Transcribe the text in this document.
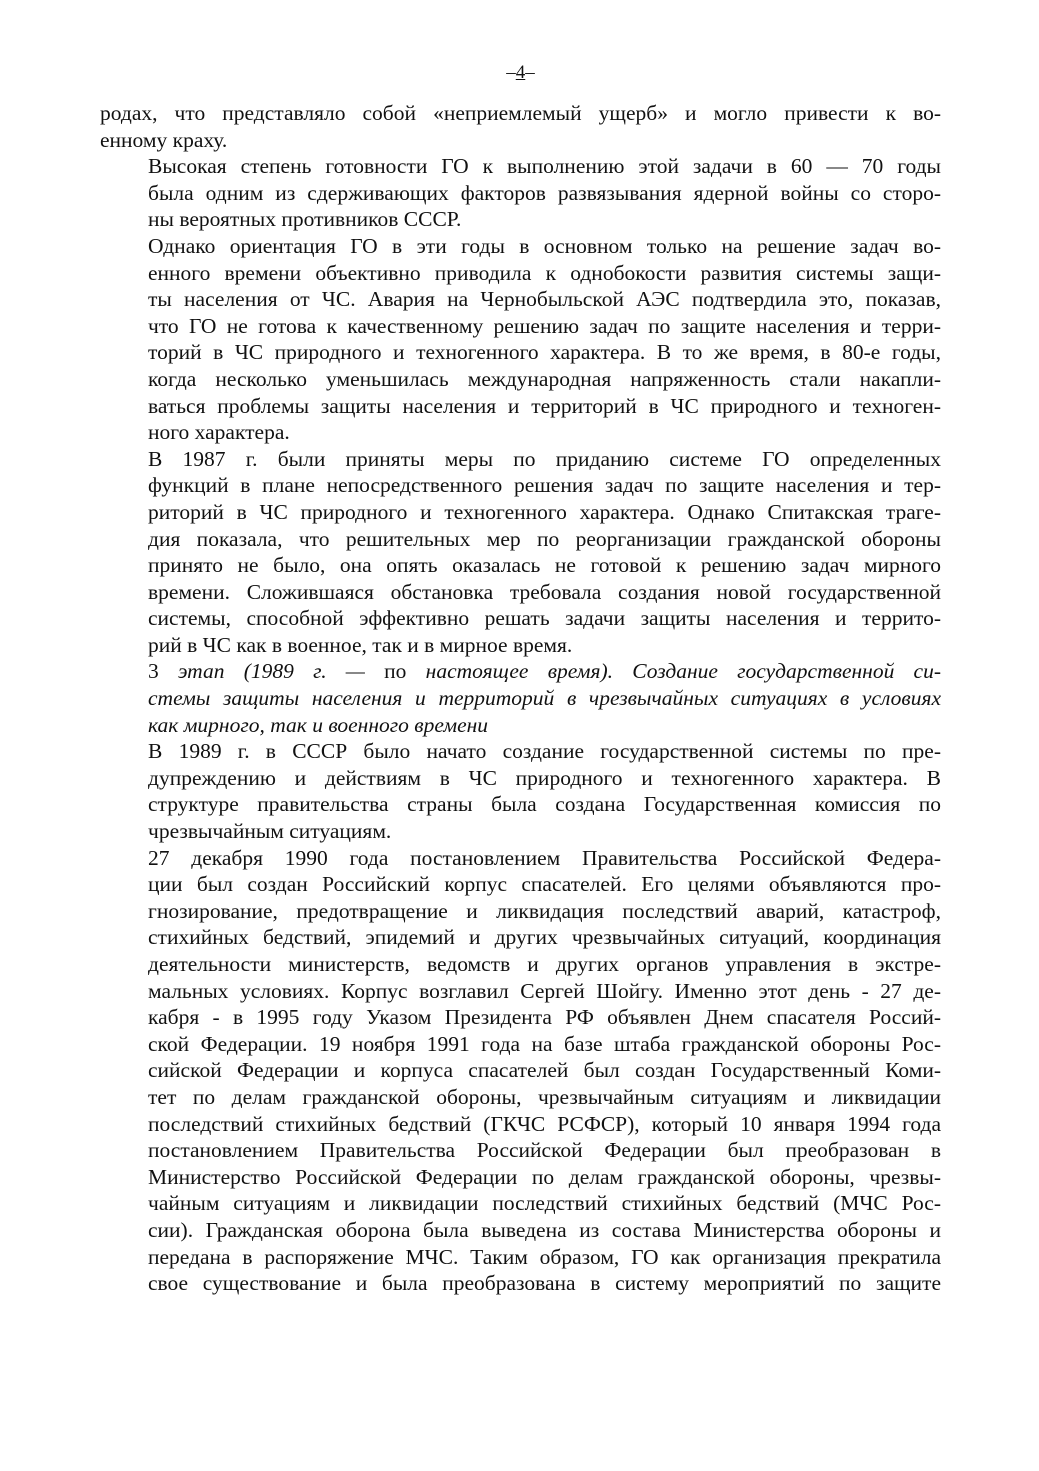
–4–

родах, что представляло собой «неприемлемый ущерб» и могло привести к во-
енному краху.

Высокая степень готовности ГО к выполнению этой задачи в 60 — 70 годы
была одним из сдерживающих факторов развязывания ядерной войны со сторо-
ны вероятных противников СССР.

Однако ориентация ГО в эти годы в основном только на решение задач во-
енного времени объективно приводила к однобокости развития системы защи-
ты населения от ЧС. Авария на Чернобыльской АЭС подтвердила это, показав,
что ГО не готова к качественному решению задач по защите населения и терри-
торий в ЧС природного и техногенного характера. В то же время, в 80-е годы,
когда несколько уменьшилась международная напряженность стали накапли-
ваться проблемы защиты населения и территорий в ЧС природного и техноген-
ного характера.

В 1987 г. были приняты меры по приданию системе ГО определенных
функций в плане непосредственного решения задач по защите населения и тер-
риторий в ЧС природного и техногенного характера. Однако Спитакская траге-
дия показала, что решительных мер по реорганизации гражданской обороны
принято не было, она опять оказалась не готовой к решению задач мирного
времени. Сложившаяся обстановка требовала создания новой государственной
системы, способной эффективно решать задачи защиты населения и террито-
рий в ЧС как в военное, так и в мирное время.

3 этап (1989 г. — по настоящее время). Создание государственной си-
стемы защиты населения и территорий в чрезвычайных ситуациях в условиях
как мирного, так и военного времени

В 1989 г. в СССР было начато создание государственной системы по пре-
дупреждению и действиям в ЧС природного и техногенного характера. В
структуре правительства страны была создана Государственная комиссия по
чрезвычайным ситуациям.

27 декабря 1990 года постановлением Правительства Российской Федера-
ции был создан Российский корпус спасателей. Его целями объявляются про-
гнозирование, предотвращение и ликвидация последствий аварий, катастроф,
стихийных бедствий, эпидемий и других чрезвычайных ситуаций, координация
деятельности министерств, ведомств и других органов управления в экстре-
мальных условиях. Корпус возглавил Сергей Шойгу. Именно этот день - 27 де-
кабря - в 1995 году Указом Президента РФ объявлен Днем спасателя Россий-
ской Федерации. 19 ноября 1991 года на базе штаба гражданской обороны Рос-
сийской Федерации и корпуса спасателей был создан Государственный Коми-
тет по делам гражданской обороны, чрезвычайным ситуациям и ликвидации
последствий стихийных бедствий (ГКЧС РСФСР), который 10 января 1994 года
постановлением Правительства Российской Федерации был преобразован в
Министерство Российской Федерации по делам гражданской обороны, чрезвы-
чайным ситуациям и ликвидации последствий стихийных бедствий (МЧС Рос-
сии). Гражданская оборона была выведена из состава Министерства обороны и
передана в распоряжение МЧС. Таким образом, ГО как организация прекратила
свое существование и была преобразована в систему мероприятий по защите
